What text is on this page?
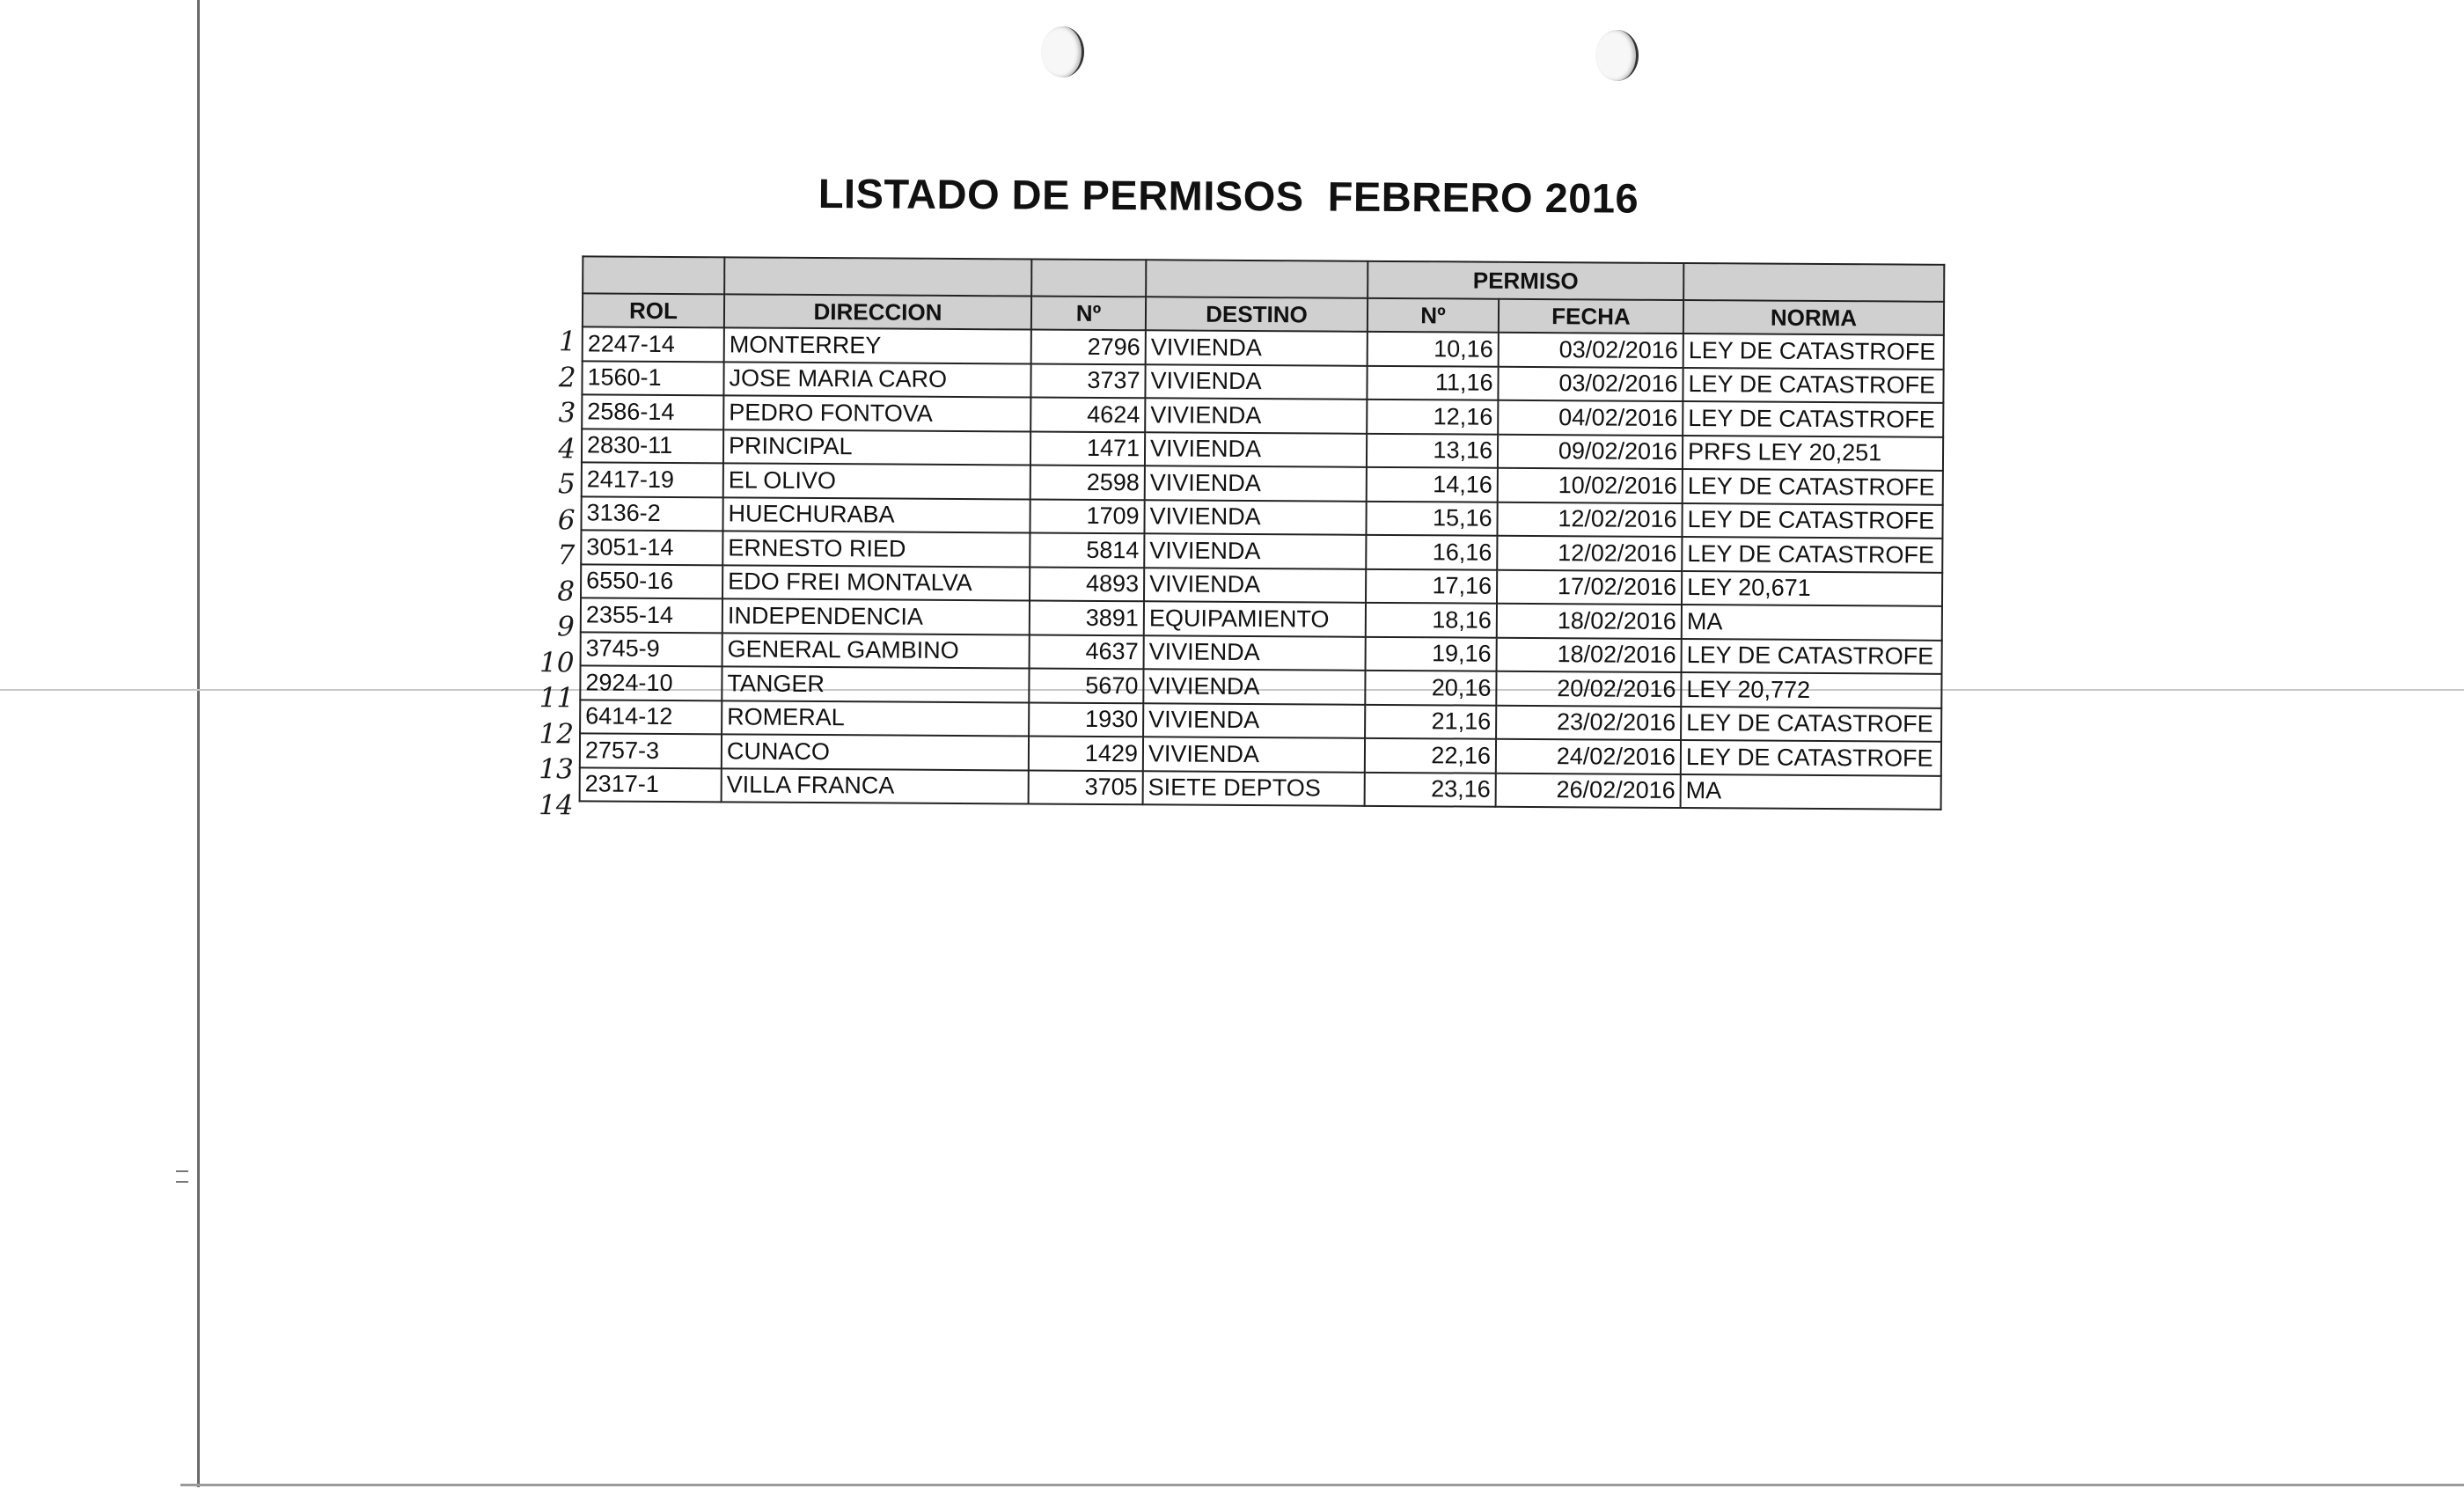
LISTADO DE PERMISOS  FEBRERO 2016
1
2
3
4
5
6
7
8
9
10
11
12
13
14
				PERMISO		
ROL	DIRECCION	Nº	DESTINO	Nº	FECHA	NORMA
2247-14	MONTERREY	2796	VIVIENDA	10,16	03/02/2016	LEY DE CATASTROFE
1560-1	JOSE MARIA CARO	3737	VIVIENDA	11,16	03/02/2016	LEY DE CATASTROFE
2586-14	PEDRO FONTOVA	4624	VIVIENDA	12,16	04/02/2016	LEY DE CATASTROFE
2830-11	PRINCIPAL	1471	VIVIENDA	13,16	09/02/2016	PRFS LEY 20,251
2417-19	EL OLIVO	2598	VIVIENDA	14,16	10/02/2016	LEY DE CATASTROFE
3136-2	HUECHURABA	1709	VIVIENDA	15,16	12/02/2016	LEY DE CATASTROFE
3051-14	ERNESTO RIED	5814	VIVIENDA	16,16	12/02/2016	LEY DE CATASTROFE
6550-16	EDO FREI MONTALVA	4893	VIVIENDA	17,16	17/02/2016	LEY 20,671
2355-14	INDEPENDENCIA	3891	EQUIPAMIENTO	18,16	18/02/2016	MA
3745-9	GENERAL GAMBINO	4637	VIVIENDA	19,16	18/02/2016	LEY DE CATASTROFE
2924-10	TANGER	5670	VIVIENDA	20,16	20/02/2016	LEY 20,772
6414-12	ROMERAL	1930	VIVIENDA	21,16	23/02/2016	LEY DE CATASTROFE
2757-3	CUNACO	1429	VIVIENDA	22,16	24/02/2016	LEY DE CATASTROFE
2317-1	VILLA FRANCA	3705	SIETE DEPTOS	23,16	26/02/2016	MA
